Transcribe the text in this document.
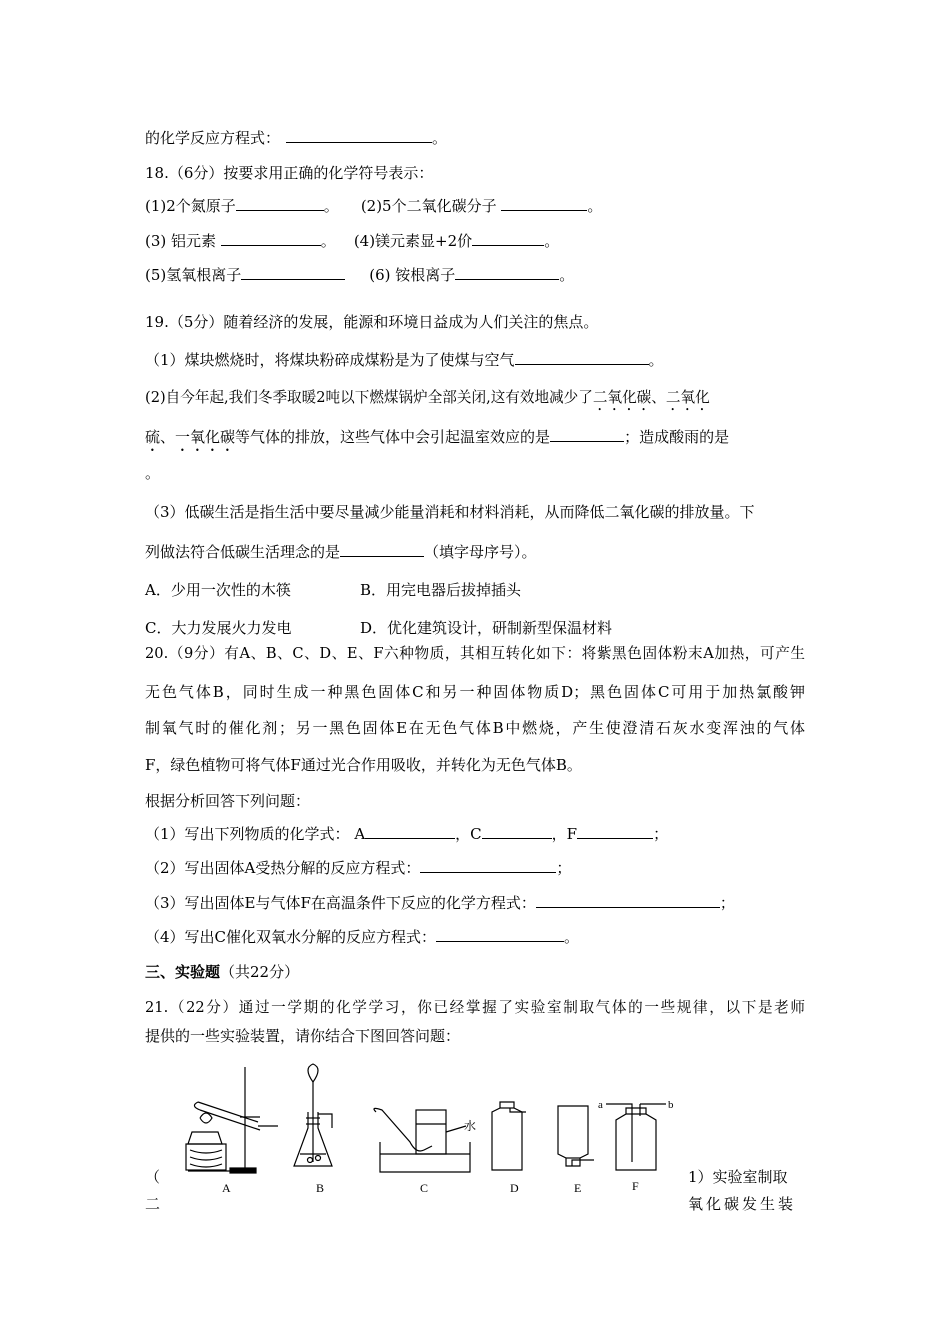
的化学反应方程式：	。
18.（6分）按要求用正确的化学符号表示：
(1)2个氮原子	。 (2)5个二氧化碳分子	。
(3) 铝元素	。 (4)镁元素显+2价	。
(5)氢氧根离子	(6) 铵根离子	。
19.（5分）随着经济的发展，能源和环境日益成为人们关注的焦点。
（1）煤块燃烧时，将煤块粉碎成煤粉是为了使煤与空气	。
(2)自今年起,我们冬季取暖2吨以下燃煤锅炉全部关闭,这有效地减少了二氧化碳、二氧化
硫、一氧化碳等气体的排放，这些气体中会引起温室效应的是	；造成酸雨的是
。
（3）低碳生活是指生活中要尽量减少能量消耗和材料消耗，从而降低二氧化碳的排放量。下
列做法符合低碳生活理念的是	（填字母序号）。
A．少用一次性的木筷	B．用完电器后拔掉插头
C．大力发展火力发电	D．优化建筑设计，研制新型保温材料
20.（9分）有A、B、C、D、E、F六种物质，其相互转化如下：将紫黑色固体粉末A加热，可产生
无色气体B，同时生成一种黑色固体C和另一种固体物质D；黑色固体C可用于加热氯酸钾
制氧气时的催化剂；另一黑色固体E在无色气体B中燃烧，产生使澄清石灰水变浑浊的气体
F，绿色植物可将气体F通过光合作用吸收，并转化为无色气体B。
根据分析回答下列问题：
（1）写出下列物质的化学式： A	，C	，F	；
（2）写出固体A受热分解的反应方程式：	；
（3）写出固体E与气体F在高温条件下反应的化学方程式：	；
（4）写出C催化双氧水分解的反应方程式：	。
三、实验题（共22分）
21.（22分）通过一学期的化学学习，你已经掌握了实验室制取气体的一些规律，以下是老师
提供的一些实验装置，请你结合下图回答问题：
A	B	C	D	E	F
水
a	b
（
二
1）实验室制取
氧化碳发生装
